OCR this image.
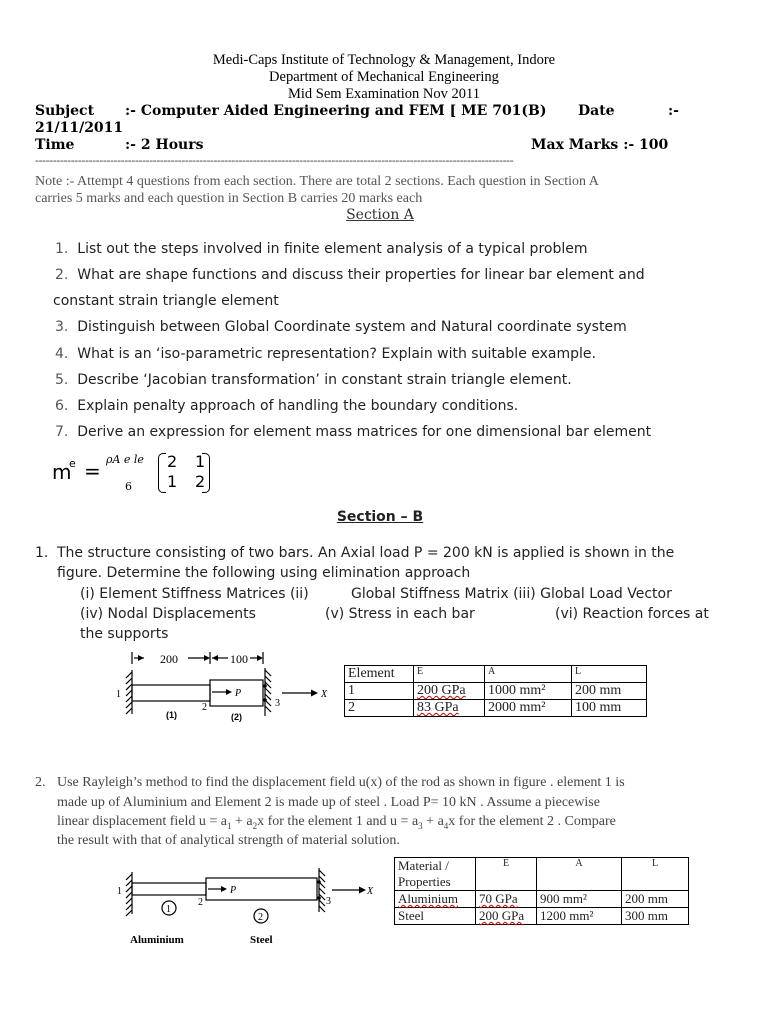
Medi-Caps Institute of Technology & Management, Indore
Department of Mechanical Engineering
Mid Sem Examination Nov 2011
Subject :- Computer Aided Engineering and FEM [ ME 701(B) Date	:-
21/11/2011
Time	:- 2 Hours	Max Marks :- 100
--------------------------------------------------------------------------------------------------------------------------------------
Note :- Attempt 4 questions from each section. There are total 2 sections. Each question in Section A
carries 5 marks and each question in Section B carries 20 marks each
Section A
1. List out the steps involved in finite element analysis of a typical problem
2. What are shape functions and discuss their properties for linear bar element and
constant strain triangle element
3. Distinguish between Global Coordinate system and Natural coordinate system
4. What is an ‘iso-parametric representation? Explain with suitable example.
5. Describe ‘Jacobian transformation’ in constant strain triangle element.
6. Explain penalty approach of handling the boundary conditions.
7. Derive an expression for element mass matrices for one dimensional bar element
m
e = ρA e le
6
2 1
1 2
Section – B
1. The structure consisting of two bars. An Axial load P = 200 kN is applied is shown in the
figure. Determine the following using elimination approach
(i) Element Stiffness Matrices (ii)	Global Stiffness Matrix (iii) Global Load Vector
(iv) Nodal Displacements	(v) Stress in each bar	(vi) Reaction forces at
the supports
200	100
1
2	3
P	X
(1)	(2)
Element	E	A	L
1	200 GPa	1000 mm²	200 mm
2	83 GPa	2000 mm²	100 mm
2. Use Rayleigh’s method to find the displacement field u(x) of the rod as shown in figure . element 1 is
made up of Aluminium and Element 2 is made up of steel . Load P= 10 kN . Assume a piecewise
linear displacement field $u = a_1 + a_2x$ for the element 1 and $u = a_3 + a_4x$ for the element 2 . Compare
the result with that of analytical strength of material solution.
1
2	3
P	X
1
2
Aluminium	Steel
Material /
Properties	E	A	L
Aluminium	70 GPa	900 mm²	200 mm
Steel	200 GPa	1200 mm²	300 mm
